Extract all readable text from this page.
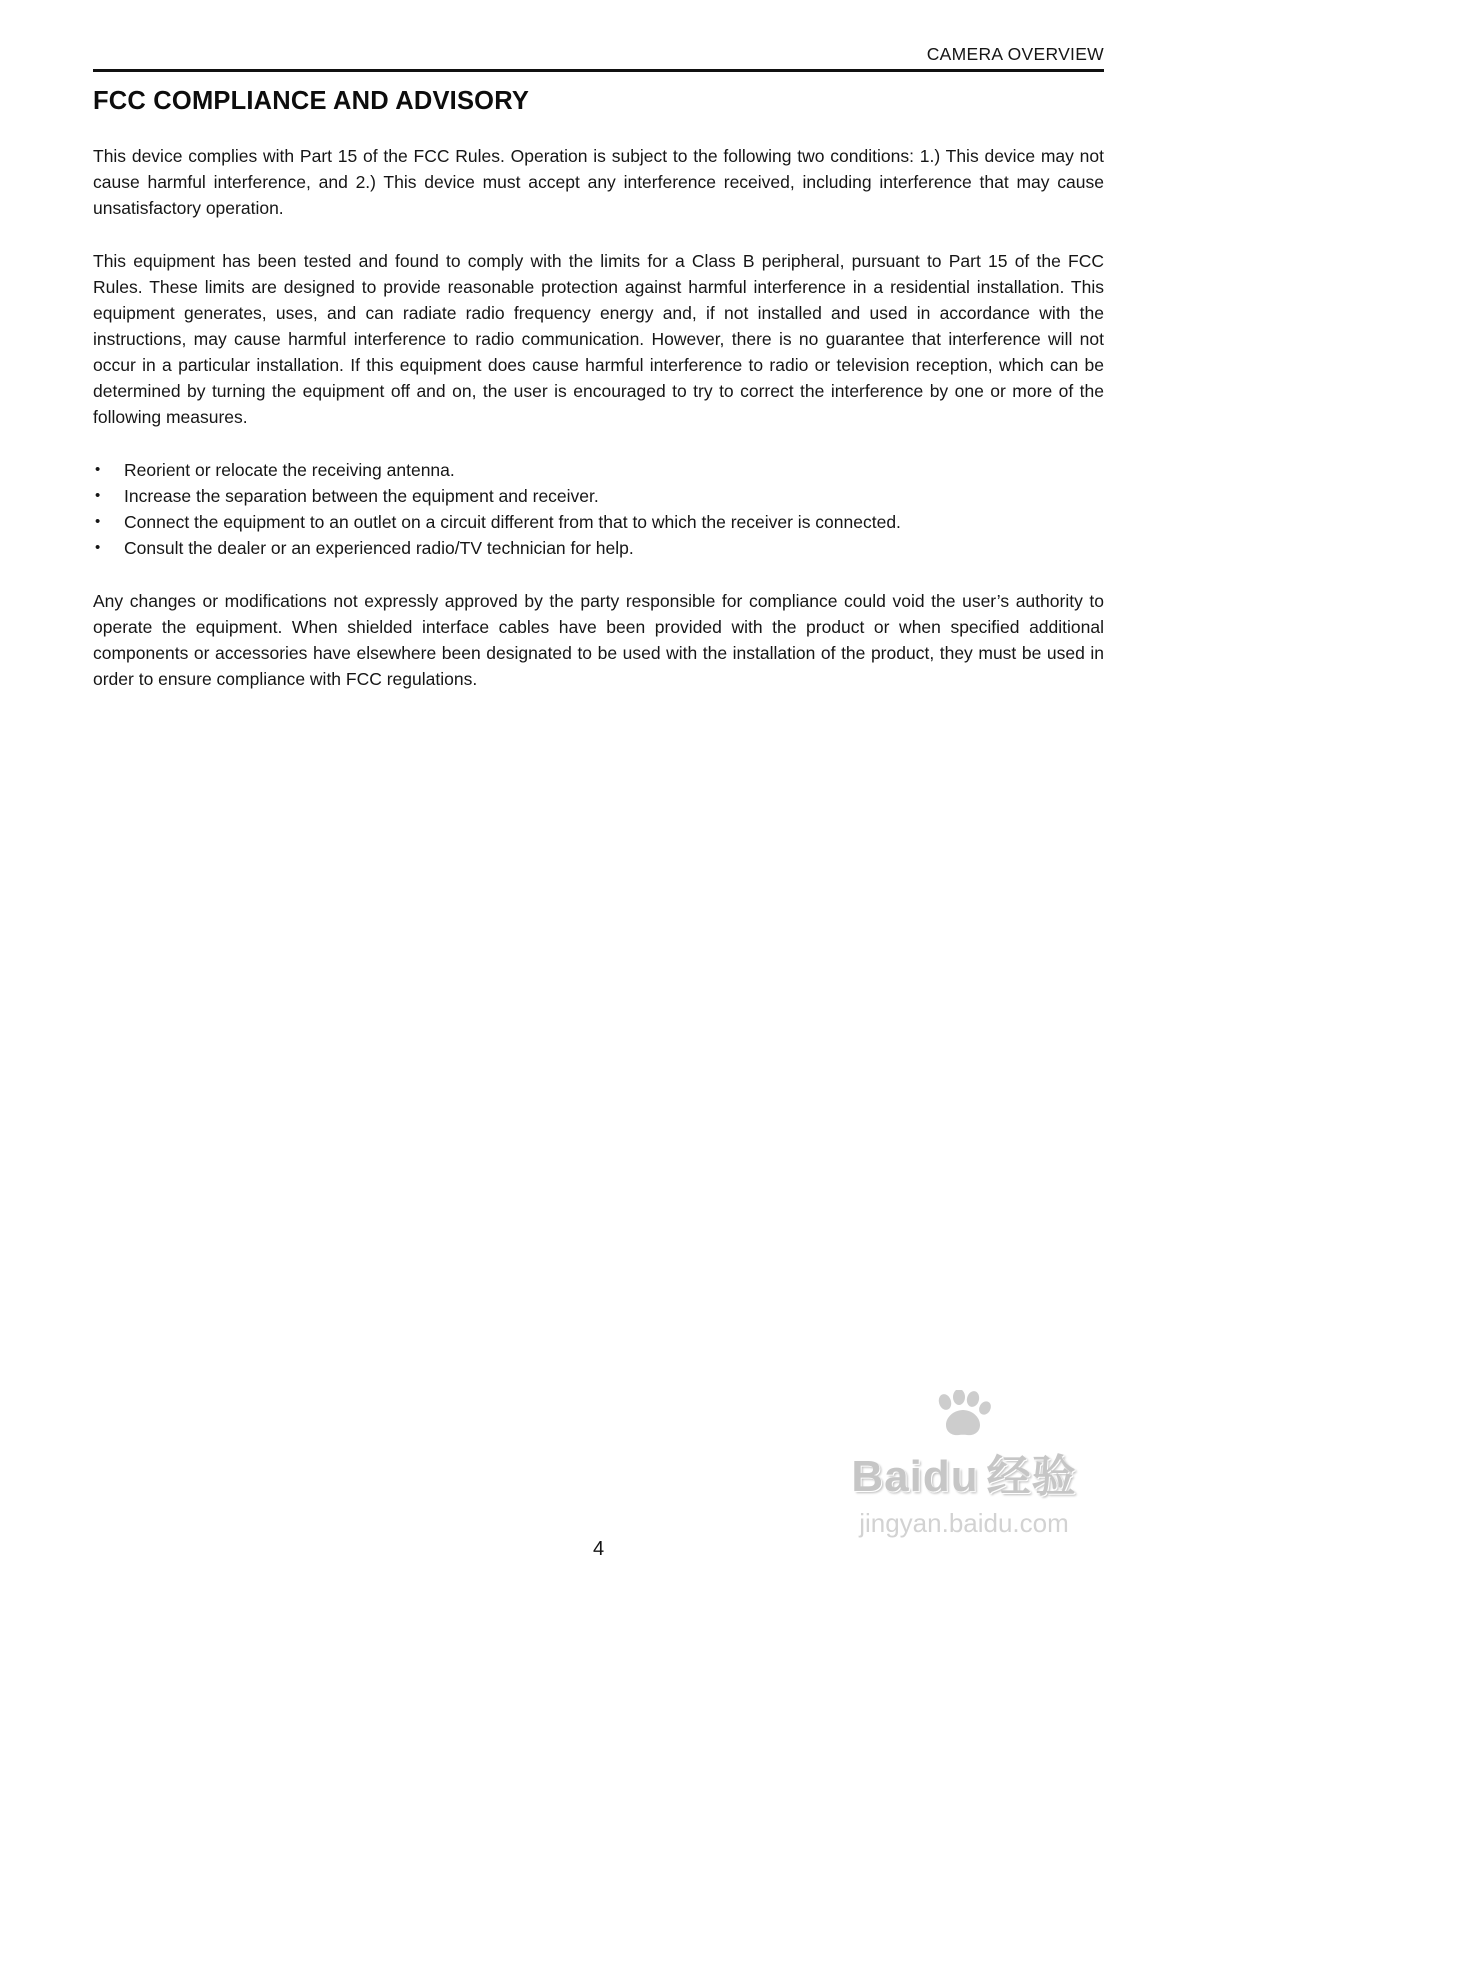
CAMERA OVERVIEW
FCC COMPLIANCE AND ADVISORY

This device complies with Part 15 of the FCC Rules. Operation is subject to the following two conditions: 1.) This device may not cause harmful interference, and 2.) This device must accept any interference received, including interference that may cause unsatisfactory operation.

This equipment has been tested and found to comply with the limits for a Class B peripheral, pursuant to Part 15 of the FCC Rules. These limits are designed to provide reasonable protection against harmful interference in a residential installation. This equipment generates, uses, and can radiate radio frequency energy and, if not installed and used in accordance with the instructions, may cause harmful interference to radio communication. However, there is no guarantee that interference will not occur in a particular installation. If this equipment does cause harmful interference to radio or television reception, which can be determined by turning the equipment off and on, the user is encouraged to try to correct the interference by one or more of the following measures.

•	Reorient or relocate the receiving antenna.
•	Increase the separation between the equipment and receiver.
•	Connect the equipment to an outlet on a circuit different from that to which the receiver is connected.
•	Consult the dealer or an experienced radio/TV technician for help.

Any changes or modifications not expressly approved by the party responsible for compliance could void the user’s authority to operate the equipment. When shielded interface cables have been provided with the product or when specified additional components or accessories have elsewhere been designated to be used with the installation of the product, they must be used in order to ensure compliance with FCC regulations.

Baidu 经验
jingyan.baidu.com
4
